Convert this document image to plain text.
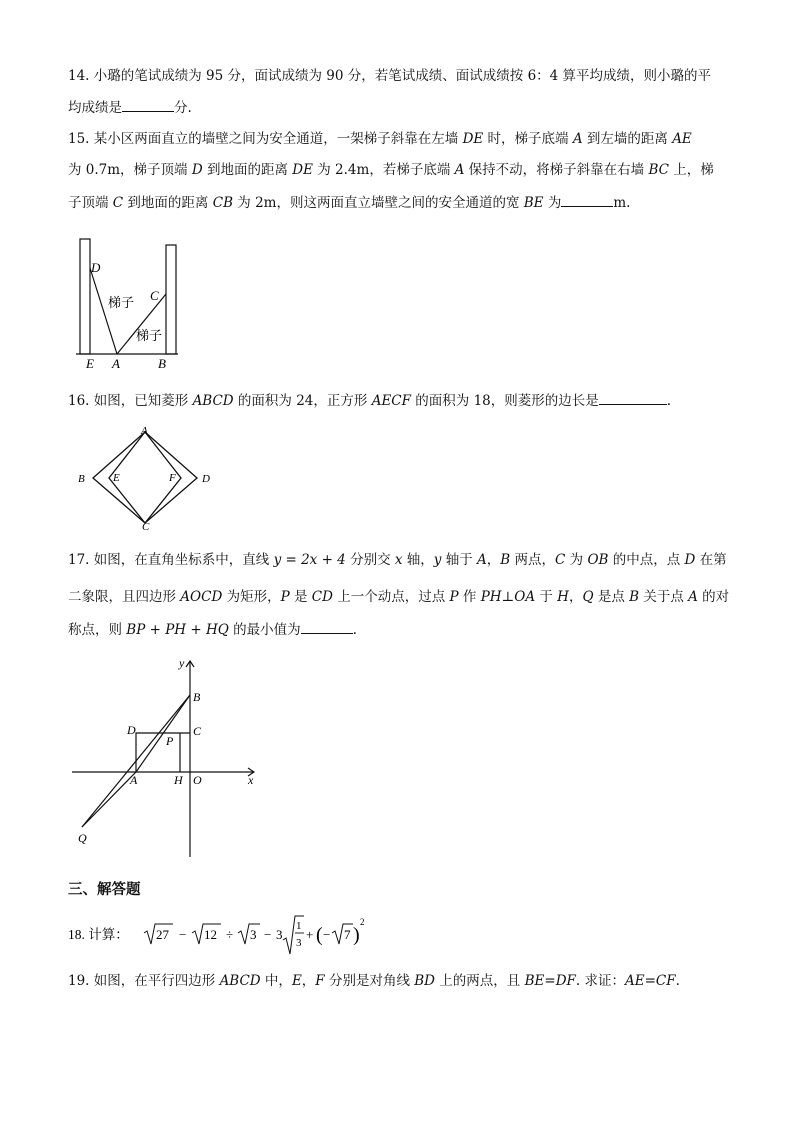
14. 小璐的笔试成绩为 95 分，面试成绩为 90 分，若笔试成绩、面试成绩按 6：4 算平均成绩，则小璐的平
均成绩是	分.
15. 某小区两面直立的墙壁之间为安全通道，一架梯子斜靠在左墙 DE 时，梯子底端 A 到左墙的距离 AE
为 0.7m，梯子顶端 D 到地面的距离 DE 为 2.4m，若梯子底端 A 保持不动，将梯子斜靠在右墙 BC 上，梯
子顶端 C 到地面的距离 CB 为 2m，则这两面直立墙壁之间的安全通道的宽 BE 为	m.
D
C
E A	B
梯子
梯子
16. 如图，已知菱形 ABCD 的面积为 24，正方形 AECF 的面积为 18，则菱形的边长是	.
A
B
C
D
E	F
17. 如图，在直角坐标系中，直线 y = 2x + 4 分别交 x 轴，y 轴于 A，B 两点，C 为 OB 的中点，点 D 在第
二象限，且四边形 AOCD 为矩形，P 是 CD 上一个动点，过点 P 作 PH⊥OA 于 H，Q 是点 B 关于点 A 的对
称点，则 BP + PH + HQ 的最小值为	.
y
x
B
D	C
P
A	H O
Q
三、解答题
18. 计算： 27 − 12 ÷ 3 − 3
1
3
+ ( − 7 )
2
19. 如图，在平行四边形 ABCD 中，E，F 分别是对角线 BD 上的两点，且 BE=DF. 求证：AE=CF.
